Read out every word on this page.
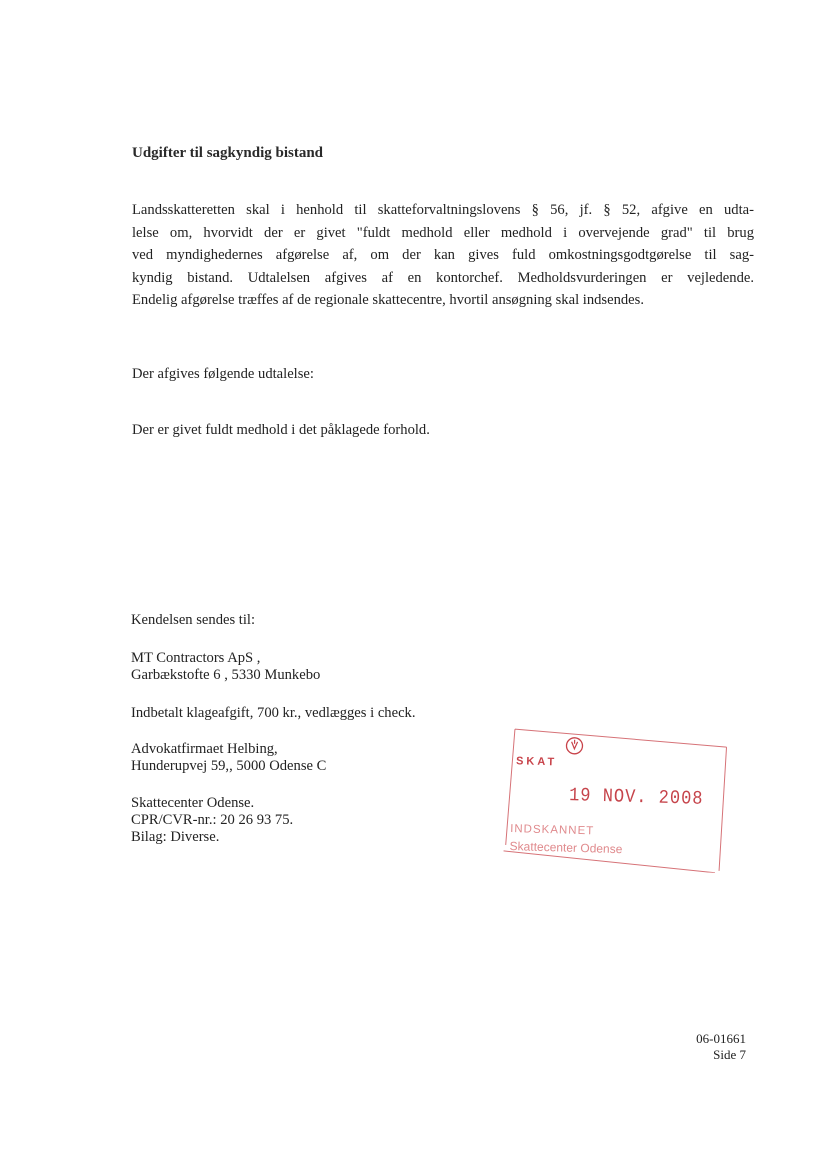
Udgifter til sagkyndig bistand
Landsskatteretten skal i henhold til skatteforvaltningslovens § 56, jf. § 52, afgive en udta-
lelse om, hvorvidt der er givet "fuldt medhold eller medhold i overvejende grad" til brug
ved myndighedernes afgørelse af, om der kan gives fuld omkostningsgodtgørelse til sag-
kyndig bistand. Udtalelsen afgives af en kontorchef. Medholdsvurderingen er vejledende.
Endelig afgørelse træffes af de regionale skattecentre, hvortil ansøgning skal indsendes.
Der afgives følgende udtalelse:
Der er givet fuldt medhold i det påklagede forhold.
Kendelsen sendes til:
MT Contractors ApS ,
Garbækstofte 6 , 5330 Munkebo
Indbetalt klageafgift, 700 kr., vedlægges i check.
Advokatfirmaet Helbing,
Hunderupvej 59,, 5000 Odense C
Skattecenter Odense.
CPR/CVR-nr.: 20 26 93 75.
Bilag: Diverse.
SKAT
19 NOV. 2008
INDSKANNET
Skattecenter Odense
06-01661
Side 7
